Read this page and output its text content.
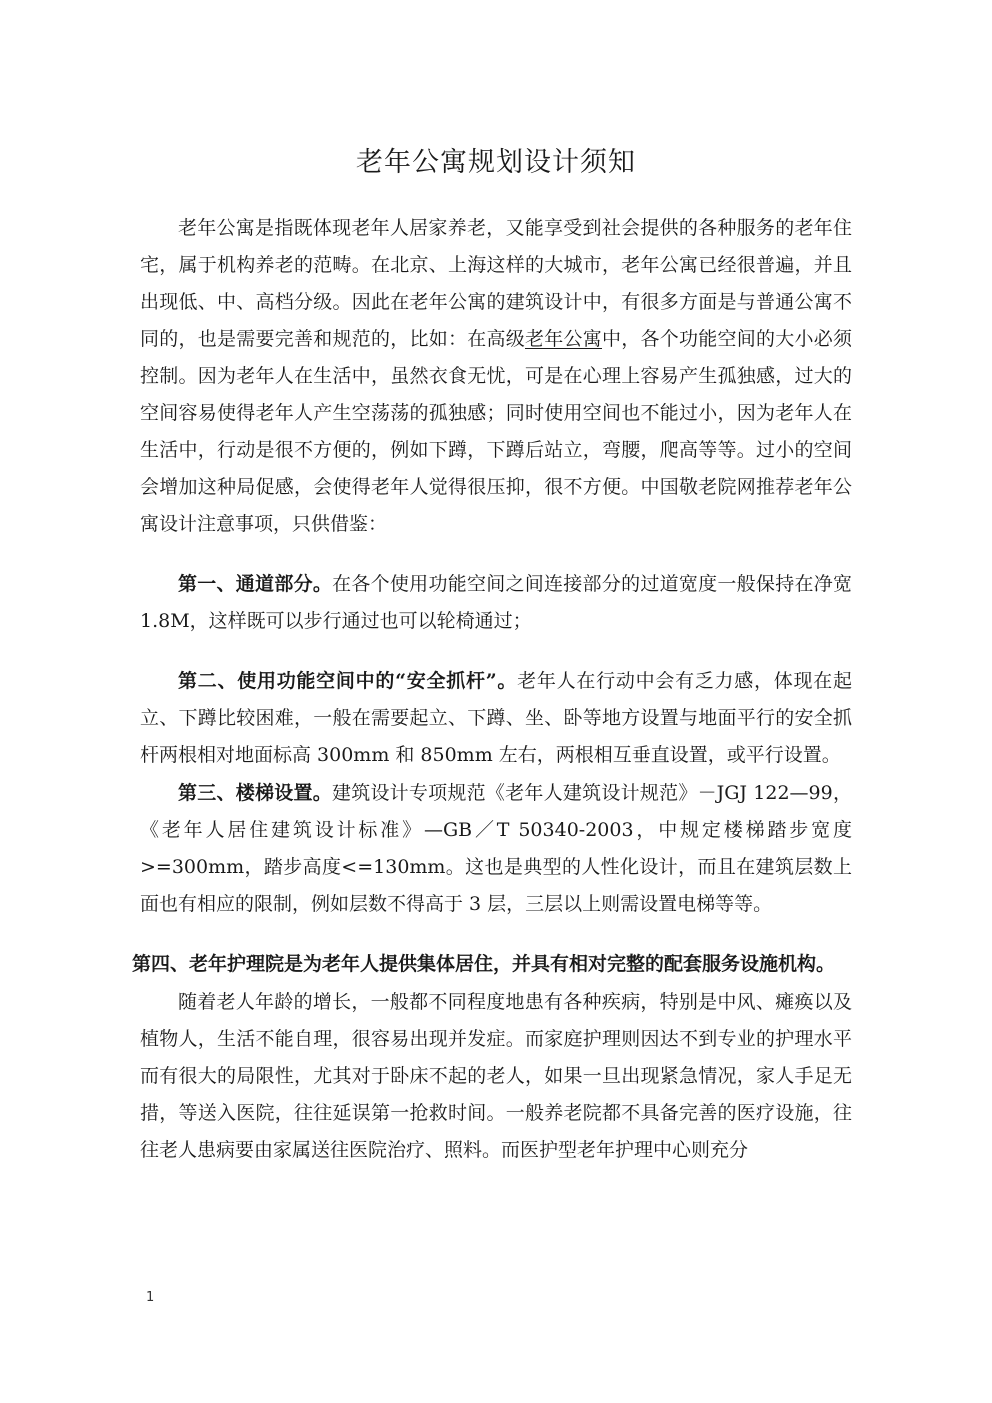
老年公寓规划设计须知

老年公寓是指既体现老年人居家养老，又能享受到社会提供的各种服务的老年住宅，属于机构养老的范畴。在北京、上海这样的大城市，老年公寓已经很普遍，并且出现低、中、高档分级。因此在老年公寓的建筑设计中，有很多方面是与普通公寓不同的，也是需要完善和规范的，比如：在高级老年公寓中，各个功能空间的大小必须控制。因为老年人在生活中，虽然衣食无忧，可是在心理上容易产生孤独感，过大的空间容易使得老年人产生空荡荡的孤独感；同时使用空间也不能过小，因为老年人在生活中，行动是很不方便的，例如下蹲，下蹲后站立，弯腰，爬高等等。过小的空间会增加这种局促感，会使得老年人觉得很压抑，很不方便。中国敬老院网推荐老年公寓设计注意事项，只供借鉴：

第一、通道部分。在各个使用功能空间之间连接部分的过道宽度一般保持在净宽 1.8M，这样既可以步行通过也可以轮椅通过；

第二、使用功能空间中的“安全抓杆”。老年人在行动中会有乏力感，体现在起立、下蹲比较困难，一般在需要起立、下蹲、坐、卧等地方设置与地面平行的安全抓杆两根相对地面标高 300mm 和 850mm 左右，两根相互垂直设置，或平行设置。

第三、楼梯设置。建筑设计专项规范《老年人建筑设计规范》－JGJ 122—99，《老年人居住建筑设计标准》—GB／T 50340-2003，中规定楼梯踏步宽度>=300mm，踏步高度<=130mm。这也是典型的人性化设计，而且在建筑层数上面也有相应的限制，例如层数不得高于 3 层，三层以上则需设置电梯等等。

第四、老年护理院是为老年人提供集体居住，并具有相对完整的配套服务设施机构。

随着老人年龄的增长，一般都不同程度地患有各种疾病，特别是中风、瘫痪以及植物人，生活不能自理，很容易出现并发症。而家庭护理则因达不到专业的护理水平而有很大的局限性，尤其对于卧床不起的老人，如果一旦出现紧急情况，家人手足无措，等送入医院，往往延误第一抢救时间。一般养老院都不具备完善的医疗设施，往往老人患病要由家属送往医院治疗、照料。而医护型老年护理中心则充分

1
